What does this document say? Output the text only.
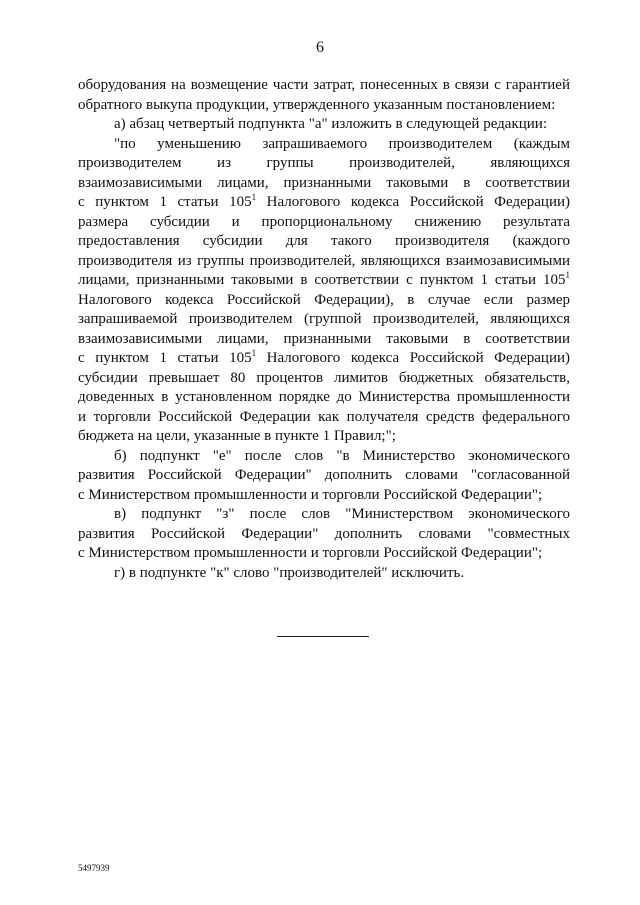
6
оборудования на возмещение части затрат, понесенных в связи с гарантией
обратного выкупа продукции, утвержденного указанным постановлением:
а) абзац четвертый подпункта "а" изложить в следующей редакции:
"по уменьшению запрашиваемого производителем (каждым
производителем из группы производителей, являющихся
взаимозависимыми лицами, признанными таковыми в соответствии
с пунктом 1 статьи $105^1$ Налогового кодекса Российской Федерации)
размера субсидии и пропорциональному снижению результата
предоставления субсидии для такого производителя (каждого
производителя из группы производителей, являющихся взаимозависимыми
лицами, признанными таковыми в соответствии с пунктом 1 статьи $105^1$
Налогового кодекса Российской Федерации), в случае если размер
запрашиваемой производителем (группой производителей, являющихся
взаимозависимыми лицами, признанными таковыми в соответствии
с пунктом 1 статьи $105^1$ Налогового кодекса Российской Федерации)
субсидии превышает 80 процентов лимитов бюджетных обязательств,
доведенных в установленном порядке до Министерства промышленности
и торговли Российской Федерации как получателя средств федерального
бюджета на цели, указанные в пункте 1 Правил;";
б) подпункт "е" после слов "в Министерство экономического
развития Российской Федерации" дополнить словами "согласованной
с Министерством промышленности и торговли Российской Федерации";
в) подпункт "з" после слов "Министерством экономического
развития Российской Федерации" дополнить словами "совместных
с Министерством промышленности и торговли Российской Федерации";
г) в подпункте "к" слово "производителей" исключить.
5497939
